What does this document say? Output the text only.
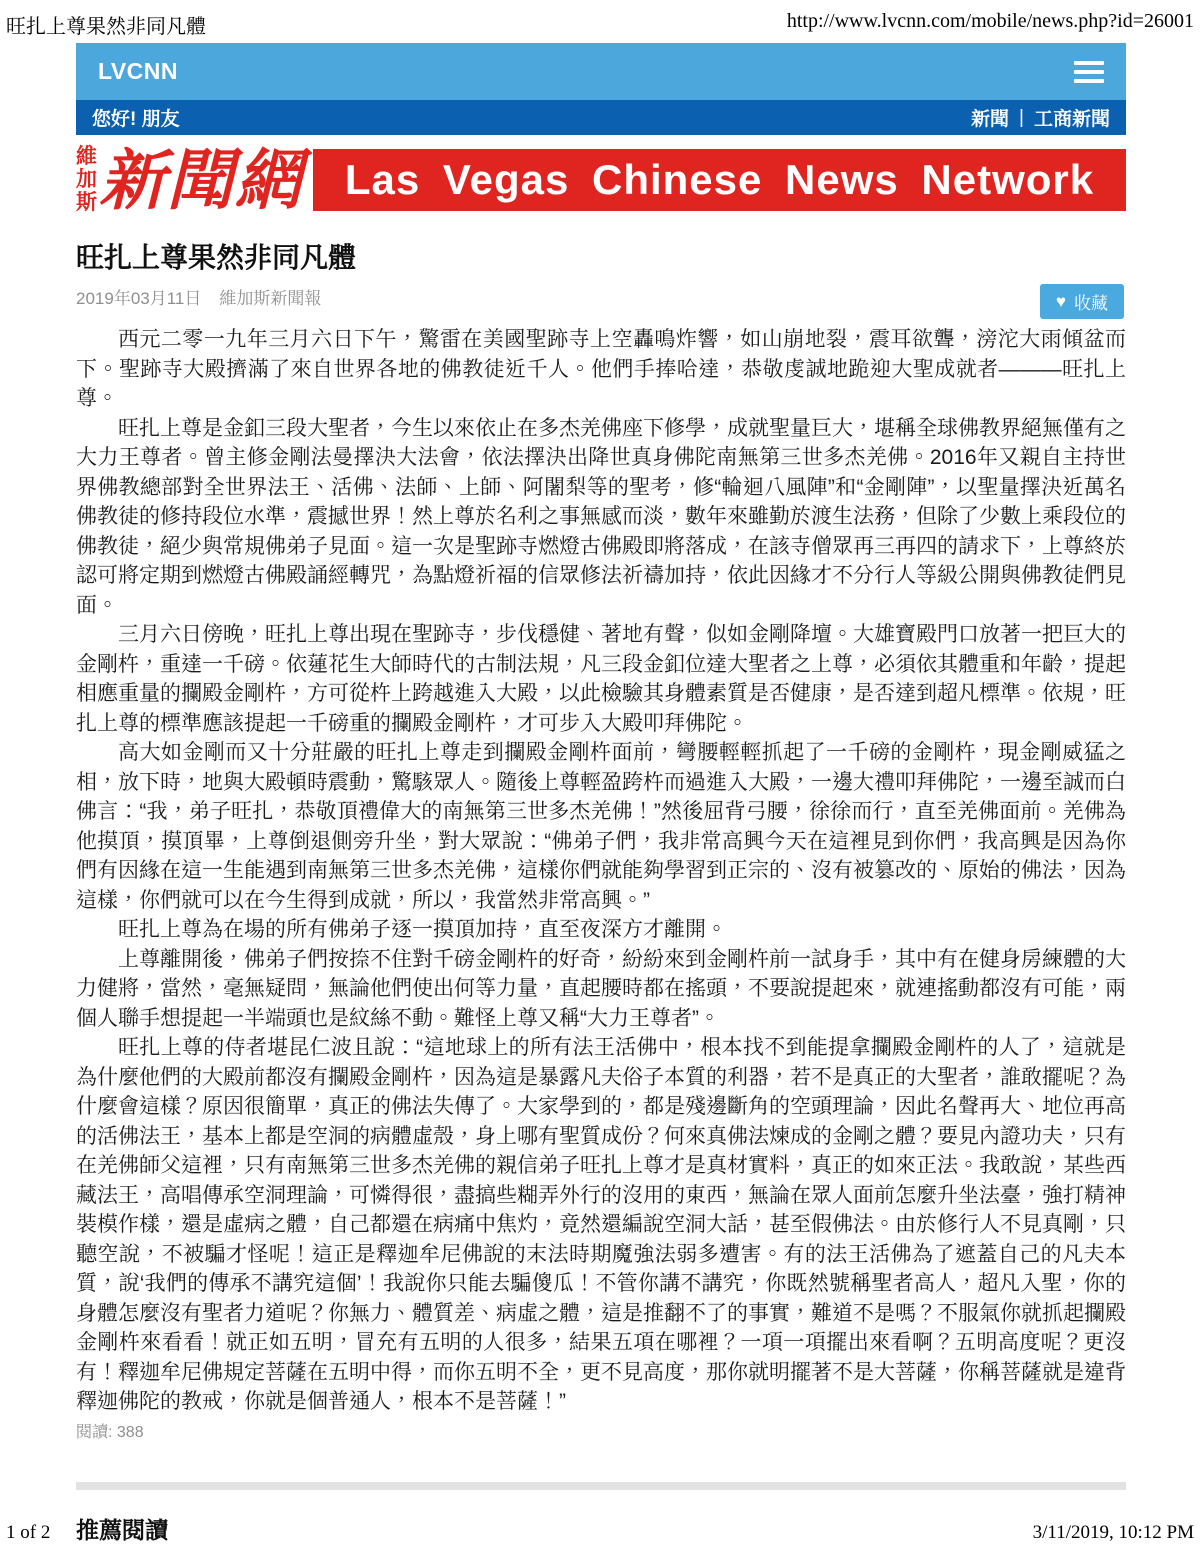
旺扎上尊果然非同凡體	http://www.lvcnn.com/mobile/news.php?id=26001
LVCNN
您好! 朋友	新聞 | 工商新聞
維
加
斯 新聞網 Las Vegas Chinese News Network
旺扎上尊果然非同凡體
2019年03月11日 維加斯新聞報	♥ 收藏

西元二零一九年三月六日下午，驚雷在美國聖跡寺上空轟鳴炸響，如山崩地裂，震耳欲聾，滂沱大雨傾盆而下。聖跡寺大殿擠滿了來自世界各地的佛教徒近千人。他們手捧哈達，恭敬虔誠地跪迎大聖成就者———旺扎上尊。

旺扎上尊是金釦三段大聖者，今生以來依止在多杰羌佛座下修學，成就聖量巨大，堪稱全球佛教界絕無僅有之大力王尊者。曾主修金剛法曼擇決大法會，依法擇決出降世真身佛陀南無第三世多杰羌佛。2016年又親自主持世界佛教總部對全世界法王、活佛、法師、上師、阿闍梨等的聖考，修“輪迴八風陣”和“金剛陣”，以聖量擇決近萬名佛教徒的修持段位水準，震撼世界！然上尊於名利之事無感而淡，數年來雖勤於渡生法務，但除了少數上乘段位的佛教徒，絕少與常規佛弟子見面。這一次是聖跡寺燃燈古佛殿即將落成，在該寺僧眾再三再四的請求下，上尊終於認可將定期到燃燈古佛殿誦經轉咒，為點燈祈福的信眾修法祈禱加持，依此因緣才不分行人等級公開與佛教徒們見面。

三月六日傍晚，旺扎上尊出現在聖跡寺，步伐穩健、著地有聲，似如金剛降壇。大雄寶殿門口放著一把巨大的金剛杵，重達一千磅。依蓮花生大師時代的古制法規，凡三段金釦位達大聖者之上尊，必須依其體重和年齡，提起相應重量的攔殿金剛杵，方可從杵上跨越進入大殿，以此檢驗其身體素質是否健康，是否達到超凡標準。依規，旺扎上尊的標準應該提起一千磅重的攔殿金剛杵，才可步入大殿叩拜佛陀。

高大如金剛而又十分莊嚴的旺扎上尊走到攔殿金剛杵面前，彎腰輕輕抓起了一千磅的金剛杵，現金剛威猛之相，放下時，地與大殿頓時震動，驚駭眾人。隨後上尊輕盈跨杵而過進入大殿，一邊大禮叩拜佛陀，一邊至誠而白佛言：“我，弟子旺扎，恭敬頂禮偉大的南無第三世多杰羌佛！”然後屈背弓腰，徐徐而行，直至羌佛面前。羌佛為他摸頂，摸頂畢，上尊倒退側旁升坐，對大眾說：“佛弟子們，我非常高興今天在這裡見到你們，我高興是因為你們有因緣在這一生能遇到南無第三世多杰羌佛，這樣你們就能夠學習到正宗的、沒有被篡改的、原始的佛法，因為這樣，你們就可以在今生得到成就，所以，我當然非常高興。”

旺扎上尊為在場的所有佛弟子逐一摸頂加持，直至夜深方才離開。

上尊離開後，佛弟子們按捺不住對千磅金剛杵的好奇，紛紛來到金剛杵前一試身手，其中有在健身房練體的大力健將，當然，毫無疑問，無論他們使出何等力量，直起腰時都在搖頭，不要說提起來，就連搖動都沒有可能，兩個人聯手想提起一半端頭也是紋絲不動。難怪上尊又稱“大力王尊者”。

旺扎上尊的侍者堪昆仁波且說：“這地球上的所有法王活佛中，根本找不到能提拿攔殿金剛杵的人了，這就是為什麼他們的大殿前都沒有攔殿金剛杵，因為這是暴露凡夫俗子本質的利器，若不是真正的大聖者，誰敢擺呢？為什麼會這樣？原因很簡單，真正的佛法失傳了。大家學到的，都是殘邊斷角的空頭理論，因此名聲再大、地位再高的活佛法王，基本上都是空洞的病體虛殼，身上哪有聖質成份？何來真佛法煉成的金剛之體？要見內證功夫，只有在羌佛師父這裡，只有南無第三世多杰羌佛的親信弟子旺扎上尊才是真材實料，真正的如來正法。我敢說，某些西藏法王，高唱傳承空洞理論，可憐得很，盡搞些糊弄外行的沒用的東西，無論在眾人面前怎麼升坐法臺，強打精神裝模作樣，還是虛病之體，自己都還在病痛中焦灼，竟然還編說空洞大話，甚至假佛法。由於修行人不見真剛，只聽空說，不被騙才怪呢！這正是釋迦牟尼佛說的末法時期魔強法弱多遭害。有的法王活佛為了遮蓋自己的凡夫本質，說‘我們的傳承不講究這個’！我說你只能去騙傻瓜！不管你講不講究，你既然號稱聖者高人，超凡入聖，你的身體怎麼沒有聖者力道呢？你無力、體質差、病虛之體，這是推翻不了的事實，難道不是嗎？不服氣你就抓起攔殿金剛杵來看看！就正如五明，冒充有五明的人很多，結果五項在哪裡？一項一項擺出來看啊？五明高度呢？更沒有！釋迦牟尼佛規定菩薩在五明中得，而你五明不全，更不見高度，那你就明擺著不是大菩薩，你稱菩薩就是違背釋迦佛陀的教戒，你就是個普通人，根本不是菩薩！”

閱讀: 388
推薦閱讀
1 of 2	3/11/2019, 10:12 PM
